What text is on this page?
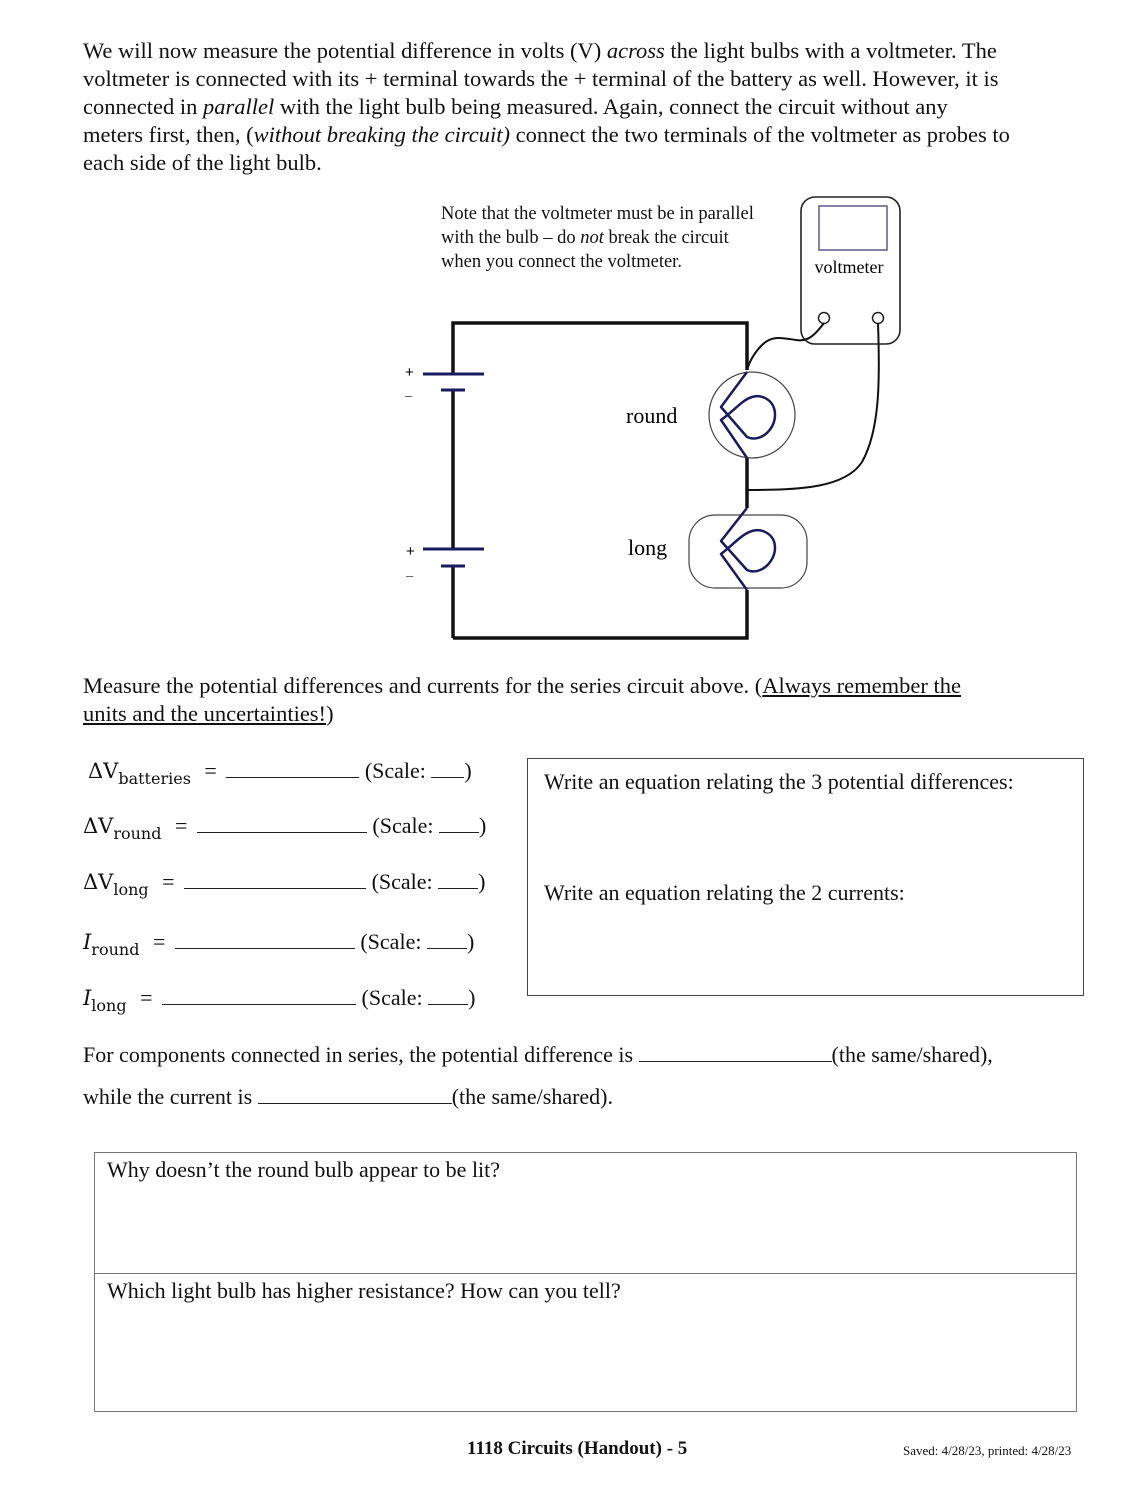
We will now measure the potential difference in volts (V) across the light bulbs with a voltmeter. The

voltmeter is connected with its + terminal towards the + terminal of the battery as well. However, it is

connected in parallel with the light bulb being measured. Again, connect the circuit without any

meters first, then, (without breaking the circuit) connect the two terminals of the voltmeter as probes to

each side of the light bulb.

Note that the voltmeter must be in parallel

with the bulb – do not break the circuit

when you connect the voltmeter.

+
–
+
–
voltmeter
round
long
Measure the potential differences and currents for the series circuit above. (Always remember the
units and the uncertainties!)
$\Delta V_{batteries}$ =	(Scale: )
$\Delta V_{round}$ =	(Scale: )
$\Delta V_{long}$ =	(Scale: )
$I_{round}$ =	(Scale: )
$I_{long}$ =	(Scale: )
Write an equation relating the 3 potential differences:
Write an equation relating the 2 currents:
For components connected in series, the potential difference is	(the same/shared),
while the current is	(the same/shared).
Why doesn’t the round bulb appear to be lit?
Which light bulb has higher resistance? How can you tell?
1118 Circuits (Handout) - 5	Saved: 4/28/23, printed: 4/28/23
